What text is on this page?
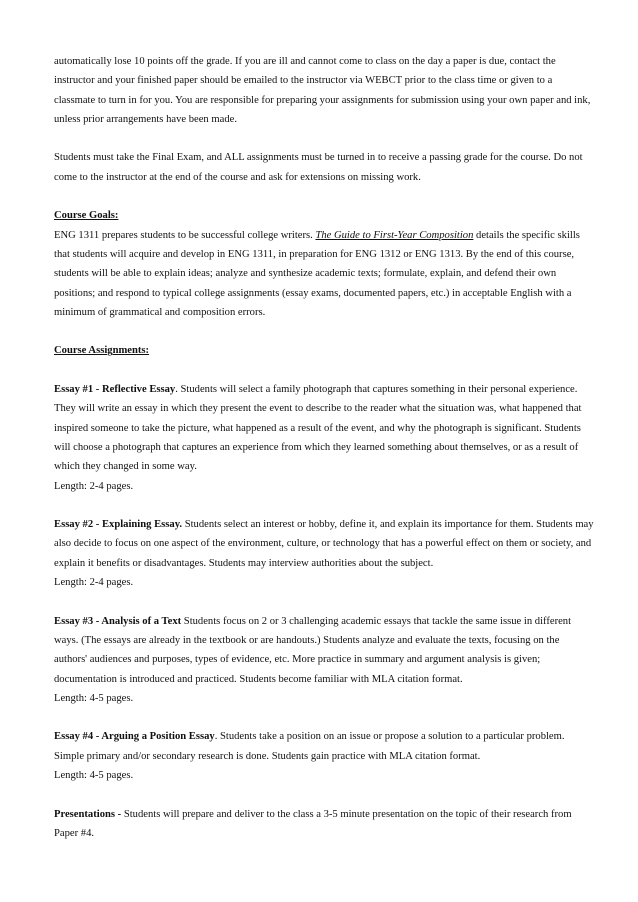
automatically lose 10 points off the grade. If you are ill and cannot come to class on the day a paper is due, contact the instructor and your finished paper should be emailed to the instructor via WEBCT prior to the class time or given to a classmate to turn in for you. You are responsible for preparing your assignments for submission using your own paper and ink, unless prior arrangements have been made.

Students must take the Final Exam, and ALL assignments must be turned in to receive a passing grade for the course. Do not come to the instructor at the end of the course and ask for extensions on missing work.

Course Goals:
ENG 1311 prepares students to be successful college writers. The Guide to First-Year Composition details the specific skills that students will acquire and develop in ENG 1311, in preparation for ENG 1312 or ENG 1313. By the end of this course, students will be able to explain ideas; analyze and synthesize academic texts; formulate, explain, and defend their own positions; and respond to typical college assignments (essay exams, documented papers, etc.) in acceptable English with a minimum of grammatical and composition errors.

Course Assignments:

Essay #1 - Reflective Essay. Students will select a family photograph that captures something in their personal experience. They will write an essay in which they present the event to describe to the reader what the situation was, what happened that inspired someone to take the picture, what happened as a result of the event, and why the photograph is significant. Students will choose a photograph that captures an experience from which they learned something about themselves, or as a result of which they changed in some way.
Length: 2-4 pages.
Essay #2 - Explaining Essay. Students select an interest or hobby, define it, and explain its importance for them. Students may also decide to focus on one aspect of the environment, culture, or technology that has a powerful effect on them or society, and explain it benefits or disadvantages. Students may interview authorities about the subject.
Length: 2-4 pages.
Essay #3 - Analysis of a Text Students focus on 2 or 3 challenging academic essays that tackle the same issue in different ways. (The essays are already in the textbook or are handouts.) Students analyze and evaluate the texts, focusing on the authors' audiences and purposes, types of evidence, etc. More practice in summary and argument analysis is given; documentation is introduced and practiced. Students become familiar with MLA citation format.
Length: 4-5 pages.
Essay #4 - Arguing a Position Essay. Students take a position on an issue or propose a solution to a particular problem. Simple primary and/or secondary research is done. Students gain practice with MLA citation format.
Length: 4-5 pages.
Presentations - Students will prepare and deliver to the class a 3-5 minute presentation on the topic of their research from Paper #4.
